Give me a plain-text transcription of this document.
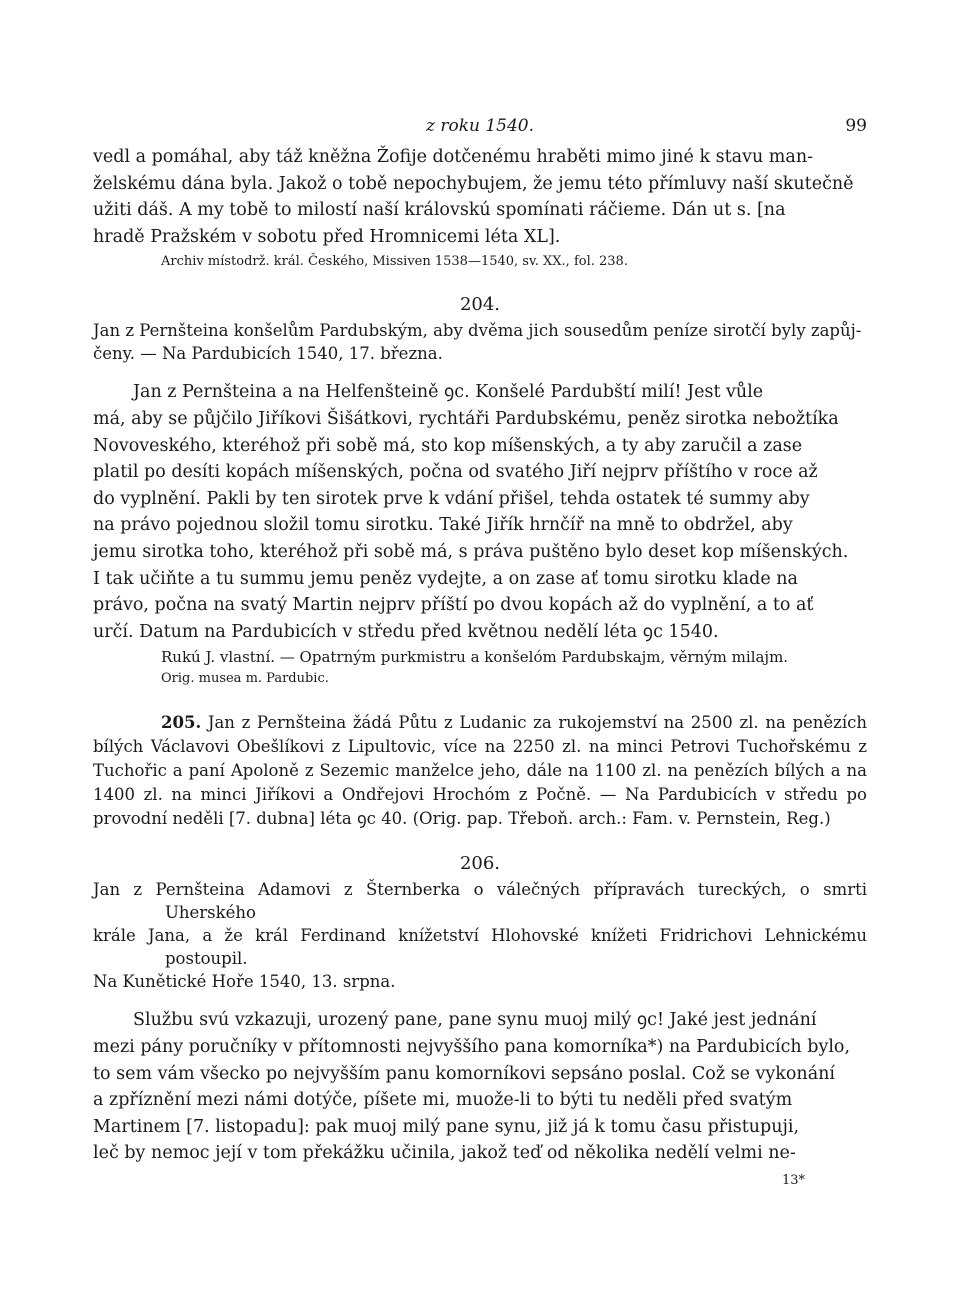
z roku 1540.	99
vedl a pomáhal, aby táž kněžna Žofije dotčenému hraběti mimo jiné k stavu man-
želskému dána byla. Jakož o tobě nepochybujem, že jemu této přímluvy naší skutečně
užiti dáš. A my tobě to milostí naší královskú spomínati ráčieme. Dán ut s. [na
hradě Pražském v sobotu před Hromnicemi léta XL].
Archiv místodrž. král. Českého, Missiven 1538—1540, sv. XX., fol. 238.
204.
Jan z Pernšteina konšelům Pardubským, aby dvěma jich sousedům peníze sirotčí byly zapůj-
čeny. — Na Pardubicích 1540, 17. března.
Jan z Pernšteina a na Helfenšteině ꝯc. Konšelé Pardubští milí! Jest vůle
má, aby se půjčilo Jiříkovi Šišátkovi, rychtáři Pardubskému, peněz sirotka nebožtíka
Novoveského, kteréhož při sobě má, sto kop míšenských, a ty aby zaručil a zase
platil po desíti kopách míšenských, počna od svatého Jiří nejprv příštího v roce až
do vyplnění. Pakli by ten sirotek prve k vdání přišel, tehda ostatek té summy aby
na právo pojednou složil tomu sirotku. Také Jiřík hrnčíř na mně to obdržel, aby
jemu sirotka toho, kteréhož při sobě má, s práva puštěno bylo deset kop míšenských.
I tak učiňte a tu summu jemu peněz vydejte, a on zase ať tomu sirotku klade na
právo, počna na svatý Martin nejprv příští po dvou kopách až do vyplnění, a to ať
určí. Datum na Pardubicích v středu před květnou nedělí léta ꝯc 1540.
Rukú J. vlastní. — Opatrným purkmistru a konšelóm Pardubskajm, věrným milajm.
Orig. musea m. Pardubic.
205. Jan z Pernšteina žádá Půtu z Ludanic za rukojemství na 2500 zl. na penězích bílých Václavovi Obešlíkovi z Lipultovic, více na 2250 zl. na minci Petrovi Tuchořskému z Tuchořic a paní Apoloně z Sezemic manželce jeho, dále na 1100 zl. na penězích bílých a na 1400 zl. na minci Jiříkovi a Ondřejovi Hrochóm z Počně. — Na Pardubicích v středu po provodní neděli [7. dubna] léta ꝯc 40. (Orig. pap. Třeboň. arch.: Fam. v. Pernstein, Reg.)
206.
Jan z Pernšteina Adamovi z Šternberka o válečných přípravách tureckých, o smrti Uherského
krále Jana, a že král Ferdinand knížetství Hlohovské knížeti Fridrichovi Lehnickému postoupil.
Na Kunětické Hoře 1540, 13. srpna.
Službu svú vzkazuji, urozený pane, pane synu muoj milý ꝯc! Jaké jest jednání
mezi pány poručníky v přítomnosti nejvyššího pana komorníka*) na Pardubicích bylo,
to sem vám všecko po nejvyšším panu komorníkovi sepsáno poslal. Což se vykonání
a zpříznění mezi námi dotýče, píšete mi, muože-li to býti tu neděli před svatým
Martinem [7. listopadu]: pak muoj milý pane synu, již já k tomu času přistupuji,
leč by nemoc její v tom překážku učinila, jakož teď od několika nedělí velmi ne-
13*
